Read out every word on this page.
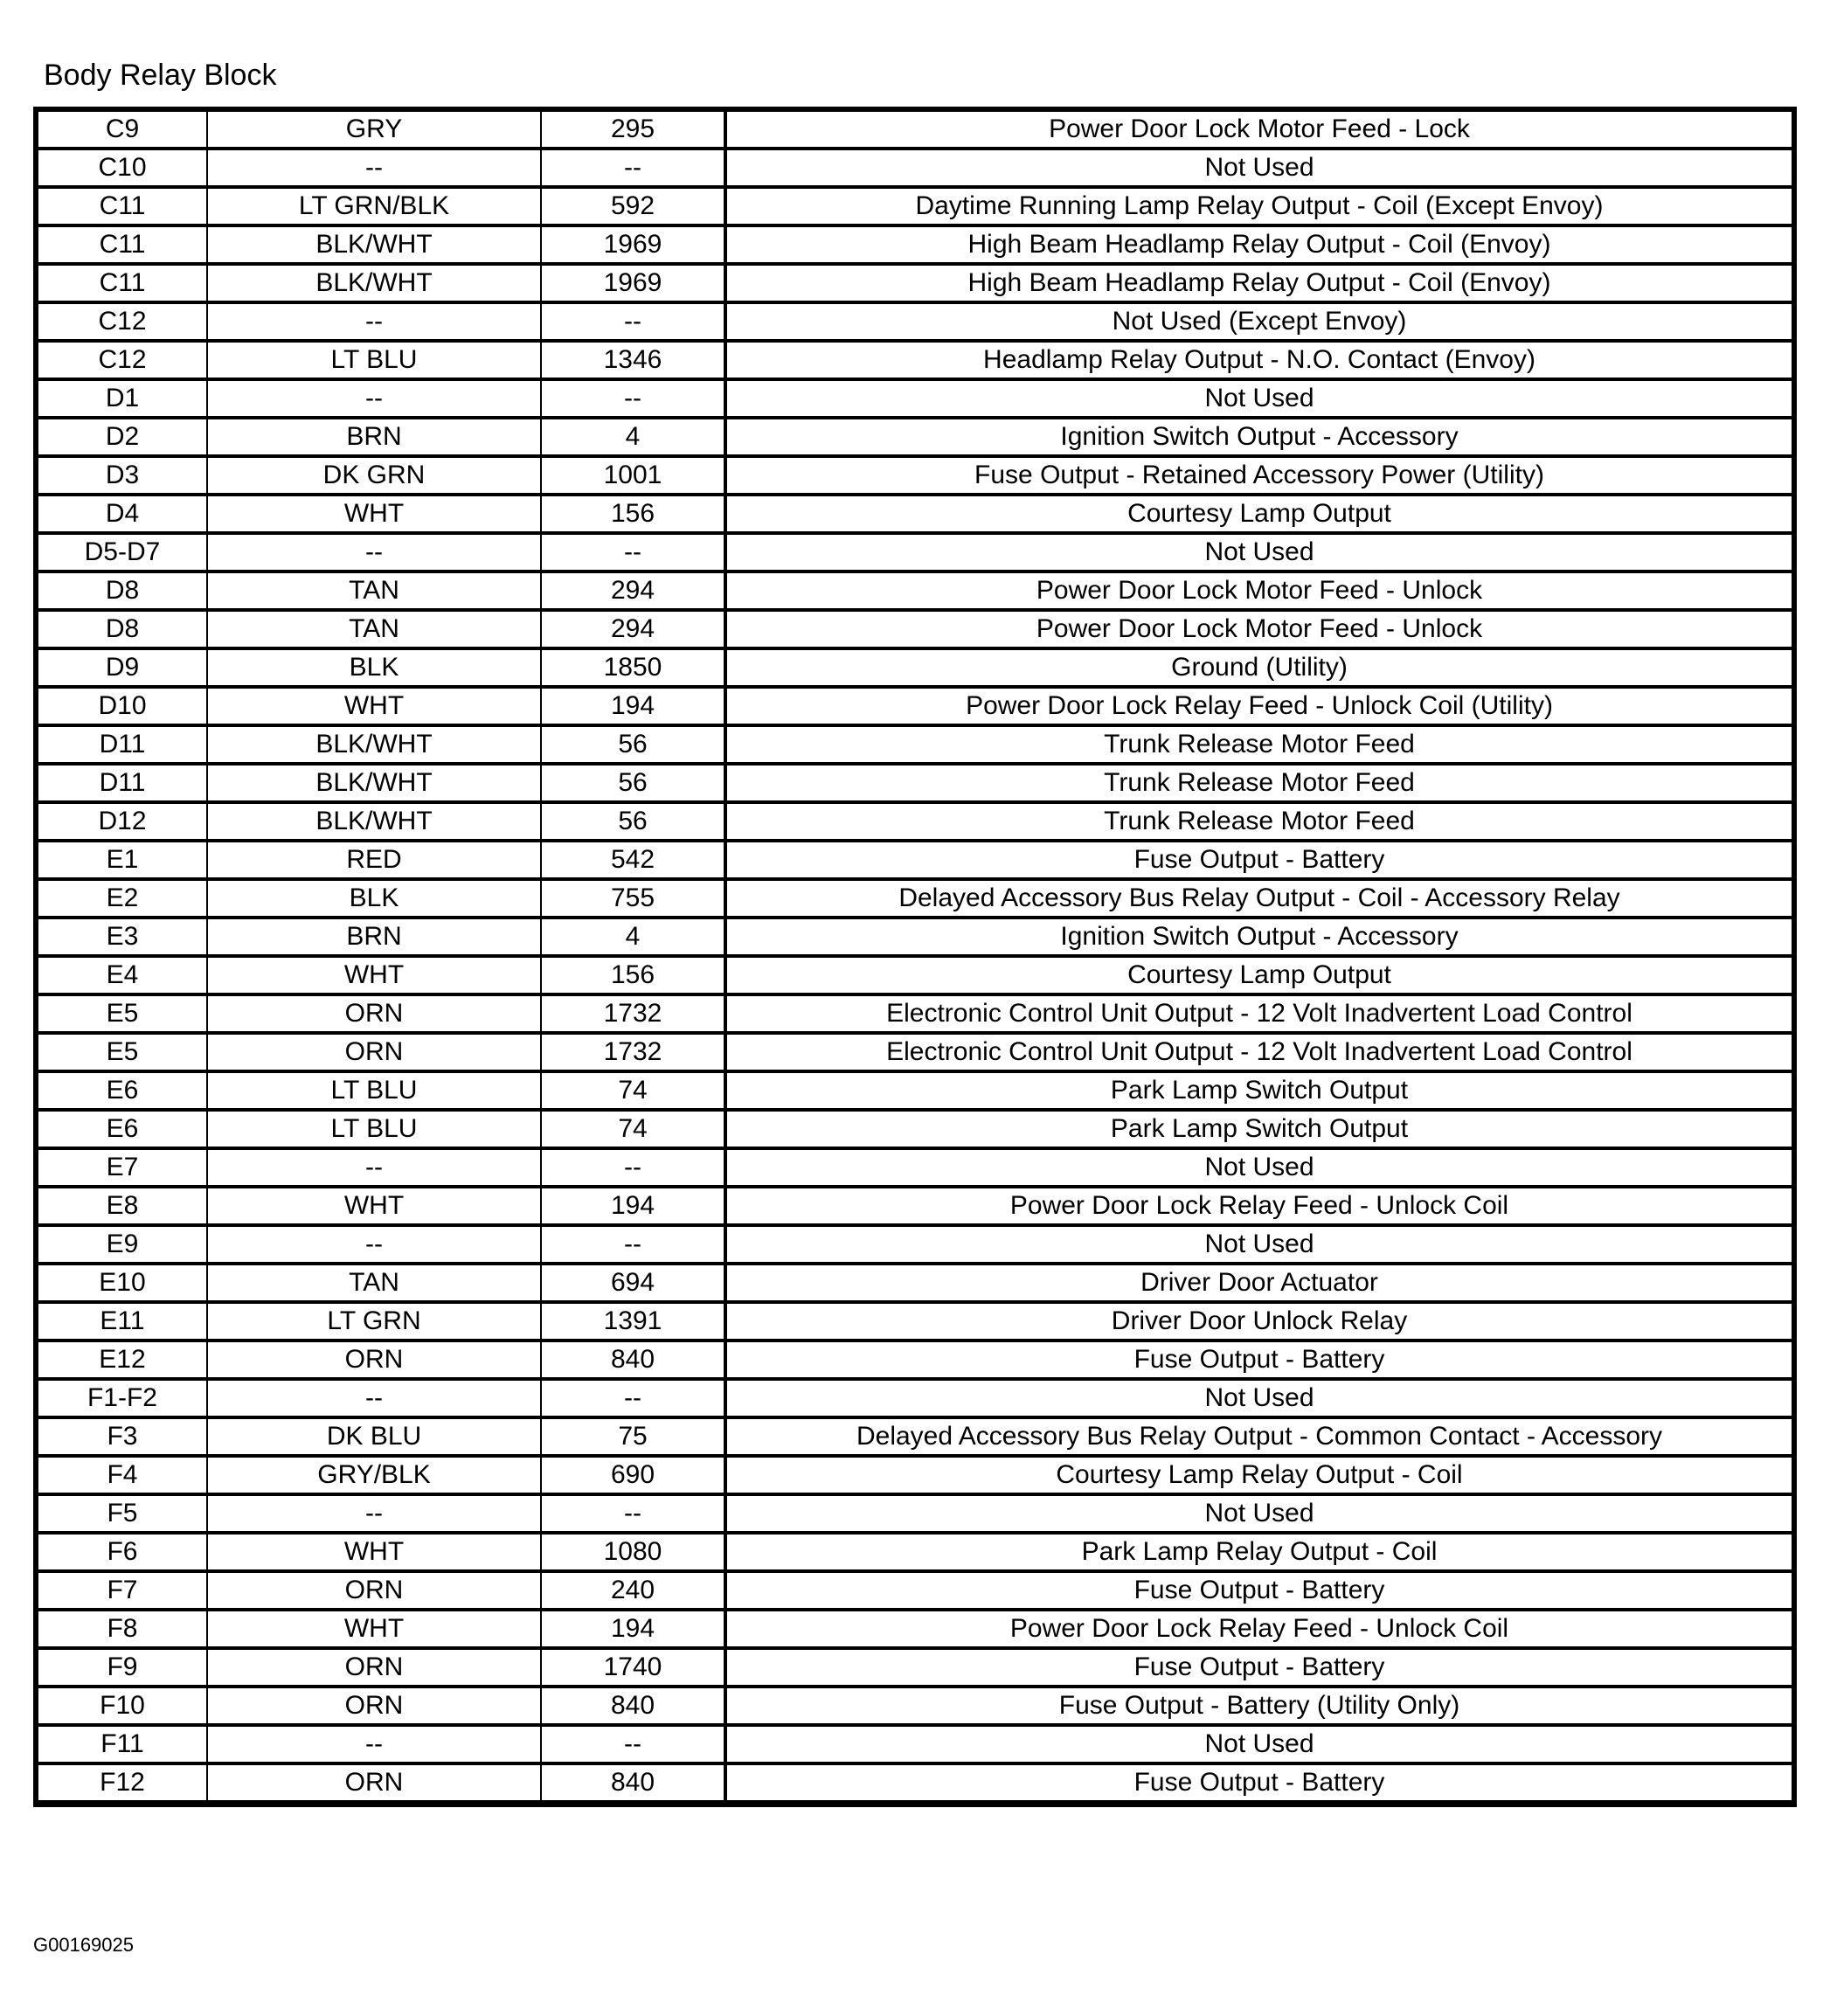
Body Relay Block
C9	GRY	295	Power Door Lock Motor Feed - Lock
C10	--	--	Not Used
C11	LT GRN/BLK	592	Daytime Running Lamp Relay Output - Coil (Except Envoy)
C11	BLK/WHT	1969	High Beam Headlamp Relay Output - Coil (Envoy)
C11	BLK/WHT	1969	High Beam Headlamp Relay Output - Coil (Envoy)
C12	--	--	Not Used (Except Envoy)
C12	LT BLU	1346	Headlamp Relay Output - N.O. Contact (Envoy)
D1	--	--	Not Used
D2	BRN	4	Ignition Switch Output - Accessory
D3	DK GRN	1001	Fuse Output - Retained Accessory Power (Utility)
D4	WHT	156	Courtesy Lamp Output
D5-D7	--	--	Not Used
D8	TAN	294	Power Door Lock Motor Feed - Unlock
D8	TAN	294	Power Door Lock Motor Feed - Unlock
D9	BLK	1850	Ground (Utility)
D10	WHT	194	Power Door Lock Relay Feed - Unlock Coil (Utility)
D11	BLK/WHT	56	Trunk Release Motor Feed
D11	BLK/WHT	56	Trunk Release Motor Feed
D12	BLK/WHT	56	Trunk Release Motor Feed
E1	RED	542	Fuse Output - Battery
E2	BLK	755	Delayed Accessory Bus Relay Output - Coil - Accessory Relay
E3	BRN	4	Ignition Switch Output - Accessory
E4	WHT	156	Courtesy Lamp Output
E5	ORN	1732	Electronic Control Unit Output - 12 Volt Inadvertent Load Control
E5	ORN	1732	Electronic Control Unit Output - 12 Volt Inadvertent Load Control
E6	LT BLU	74	Park Lamp Switch Output
E6	LT BLU	74	Park Lamp Switch Output
E7	--	--	Not Used
E8	WHT	194	Power Door Lock Relay Feed - Unlock Coil
E9	--	--	Not Used
E10	TAN	694	Driver Door Actuator
E11	LT GRN	1391	Driver Door Unlock Relay
E12	ORN	840	Fuse Output - Battery
F1-F2	--	--	Not Used
F3	DK BLU	75	Delayed Accessory Bus Relay Output - Common Contact - Accessory
F4	GRY/BLK	690	Courtesy Lamp Relay Output - Coil
F5	--	--	Not Used
F6	WHT	1080	Park Lamp Relay Output - Coil
F7	ORN	240	Fuse Output - Battery
F8	WHT	194	Power Door Lock Relay Feed - Unlock Coil
F9	ORN	1740	Fuse Output - Battery
F10	ORN	840	Fuse Output - Battery (Utility Only)
F11	--	--	Not Used
F12	ORN	840	Fuse Output - Battery
G00169025
